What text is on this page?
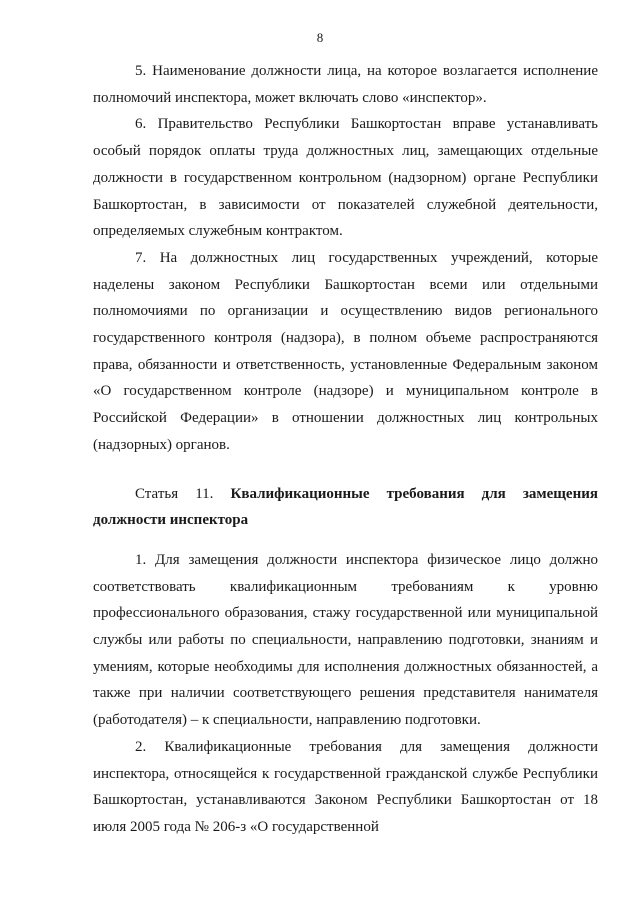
8

5. Наименование должности лица, на которое возлагается исполнение полномочий инспектора, может включать слово «инспектор».

6. Правительство Республики Башкортостан вправе устанавливать особый порядок оплаты труда должностных лиц, замещающих отдельные должности в государственном контрольном (надзорном) органе Республики Башкортостан, в зависимости от показателей служебной деятельности, определяемых служебным контрактом.

7. На должностных лиц государственных учреждений, которые наделены законом Республики Башкортостан всеми или отдельными полномочиями по организации и осуществлению видов регионального государственного контроля (надзора), в полном объеме распространяются права, обязанности и ответственность, установленные Федеральным законом «О государственном контроле (надзоре) и муниципальном контроле в Российской Федерации» в отношении должностных лиц контрольных (надзорных) органов.

Статья 11. Квалификационные требования для замещения должности инспектора

1. Для замещения должности инспектора физическое лицо должно соответствовать квалификационным требованиям к уровню профессионального образования, стажу государственной или муниципальной службы или работы по специальности, направлению подготовки, знаниям и умениям, которые необходимы для исполнения должностных обязанностей, а также при наличии соответствующего решения представителя нанимателя (работодателя) – к специальности, направлению подготовки.

2. Квалификационные требования для замещения должности инспектора, относящейся к государственной гражданской службе Республики Башкортостан, устанавливаются Законом Республики Башкортостан от 18 июля 2005 года № 206-з «О государственной
